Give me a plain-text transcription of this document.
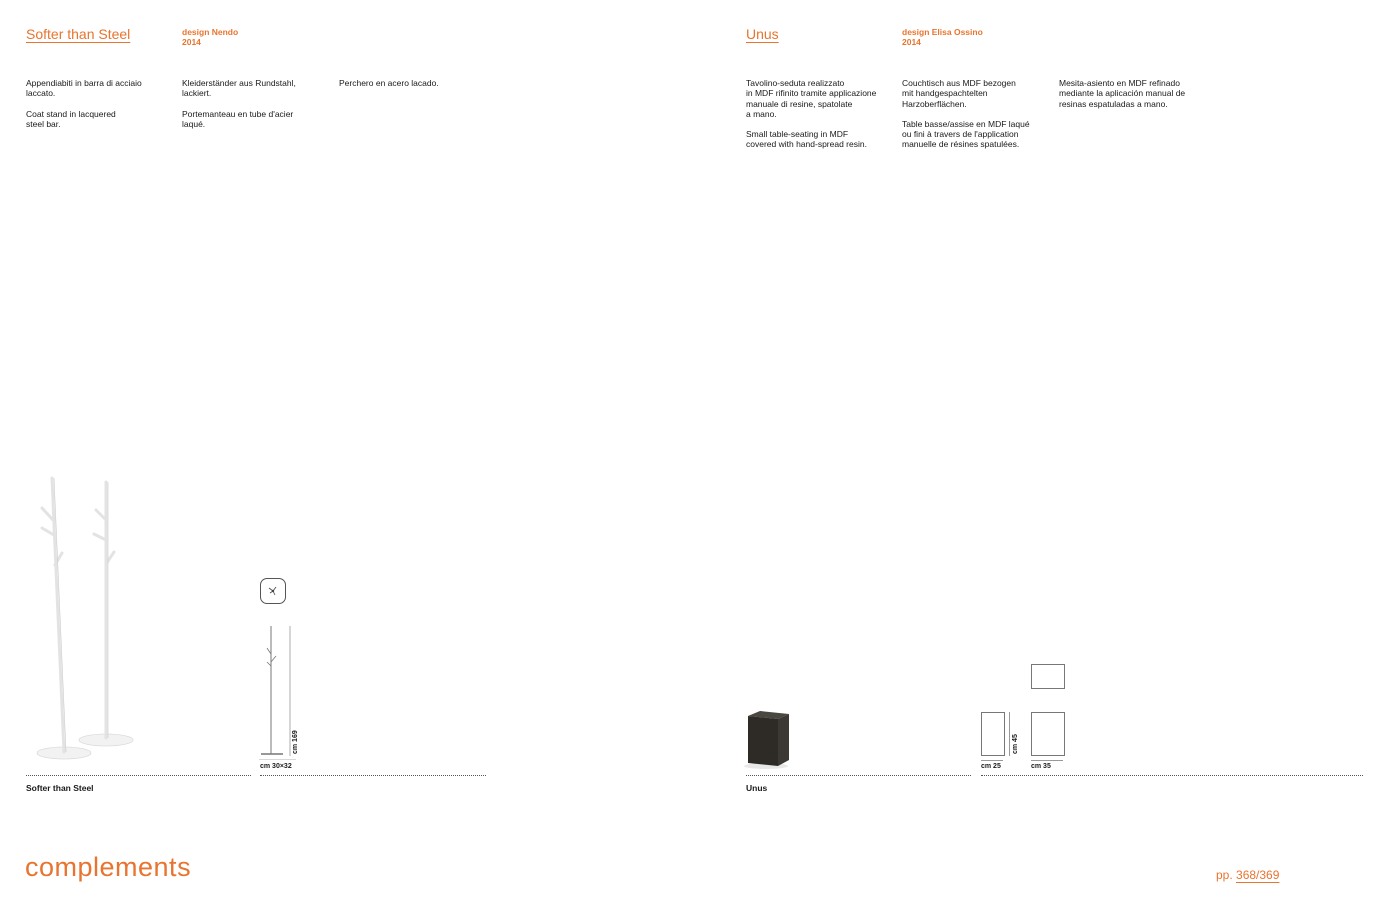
Softer than Steel	design Nendo
2014

Appendiabiti in barra di acciaio
laccato.

Coat stand in lacquered
steel bar.

Kleiderständer aus Rundstahl,
lackiert.

Portemanteau en tube d'acier
laqué.

Perchero en acero lacado.

cm 169
cm 30×32
Softer than Steel
Unus	design Elisa Ossino
2014

Tavolino-seduta realizzato
in MDF rifinito tramite applicazione
manuale di resine, spatolate
a mano.

Small table-seating in MDF
covered with hand-spread resin.

Couchtisch aus MDF bezogen
mit handgespachtelten
Harzoberflächen.

Table basse/assise en MDF laqué
ou fini à travers de l'application
manuelle de résines spatulées.

Mesita-asiento en MDF refinado
mediante la aplicación manual de
resinas espatuladas a mano.

cm 45
cm 25	cm 35
Unus
complements	pp. 368/369
